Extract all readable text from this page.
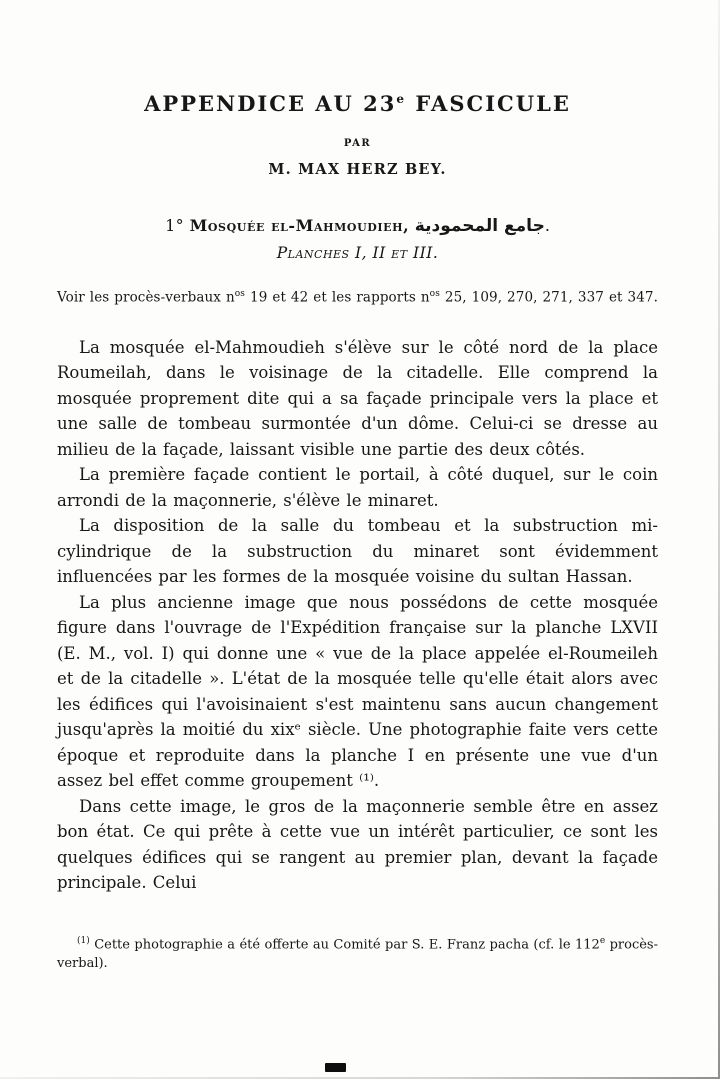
APPENDICE AU 23e FASCICULE
PAR
M. MAX HERZ BEY.
1° Mosquée el-Mahmoudieh, جامع المحمودية.
Planches I, II et III.
Voir les procès-verbaux $n^{os}$ 19 et 42 et les rapports $n^{os}$ 25, 109, 270, 271, 337 et 347.

La mosquée el-Mahmoudieh s'élève sur le côté nord de la place Roumeilah, dans le voisinage de la citadelle. Elle comprend la mosquée proprement dite qui a sa façade principale vers la place et une salle de tombeau surmontée d'un dôme. Celui-ci se dresse au milieu de la façade, laissant visible une partie des deux côtés.

La première façade contient le portail, à côté duquel, sur le coin arrondi de la maçonnerie, s'élève le minaret.

La disposition de la salle du tombeau et la substruction mi-cylindrique de la substruction du minaret sont évidemment influencées par les formes de la mosquée voisine du sultan Hassan.

La plus ancienne image que nous possédons de cette mosquée figure dans l'ouvrage de l'Expédition française sur la planche LXVII (E. M., vol. I) qui donne une « vue de la place appelée el-Roumeileh et de la citadelle ». L'état de la mosquée telle qu'elle était alors avec les édifices qui l'avoisinaient s'est maintenu sans aucun changement jusqu'après la moitié du xixᵉ siècle. Une photographie faite vers cette époque et reproduite dans la planche I en présente une vue d'un assez bel effet comme groupement ⁽¹⁾.

Dans cette image, le gros de la maçonnerie semble être en assez bon état. Ce qui prête à cette vue un intérêt particulier, ce sont les quelques édifices qui se rangent au premier plan, devant la façade principale. Celui

$^{(1)}$ Cette photographie a été offerte au Comité par S. E. Franz pacha (cf. le 112e procès-verbal).
